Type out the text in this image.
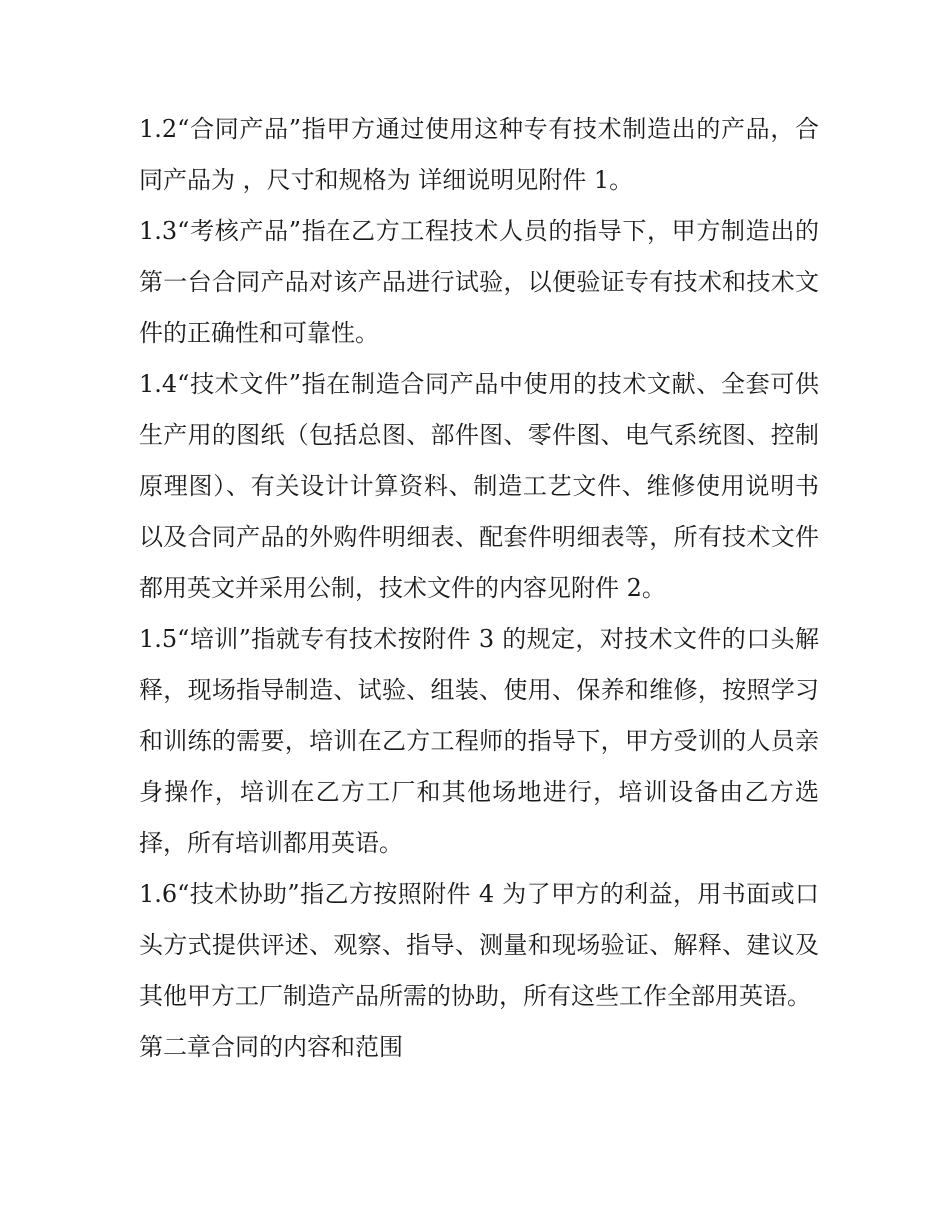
1.2“合同产品”指甲方通过使用这种专有技术制造出的产品，合同产品为 ，尺寸和规格为 详细说明见附件 1。

1.3“考核产品”指在乙方工程技术人员的指导下，甲方制造出的第一台合同产品对该产品进行试验，以便验证专有技术和技术文件的正确性和可靠性。

1.4“技术文件”指在制造合同产品中使用的技术文献、全套可供生产用的图纸（包括总图、部件图、零件图、电气系统图、控制原理图）、有关设计计算资料、制造工艺文件、维修使用说明书以及合同产品的外购件明细表、配套件明细表等，所有技术文件都用英文并采用公制，技术文件的内容见附件 2。

1.5“培训”指就专有技术按附件 3 的规定，对技术文件的口头解释，现场指导制造、试验、组装、使用、保养和维修，按照学习和训练的需要，培训在乙方工程师的指导下，甲方受训的人员亲身操作，培训在乙方工厂和其他场地进行，培训设备由乙方选择，所有培训都用英语。

1.6“技术协助”指乙方按照附件 4 为了甲方的利益，用书面或口头方式提供评述、观察、指导、测量和现场验证、解释、建议及其他甲方工厂制造产品所需的协助，所有这些工作全部用英语。

第二章合同的内容和范围
